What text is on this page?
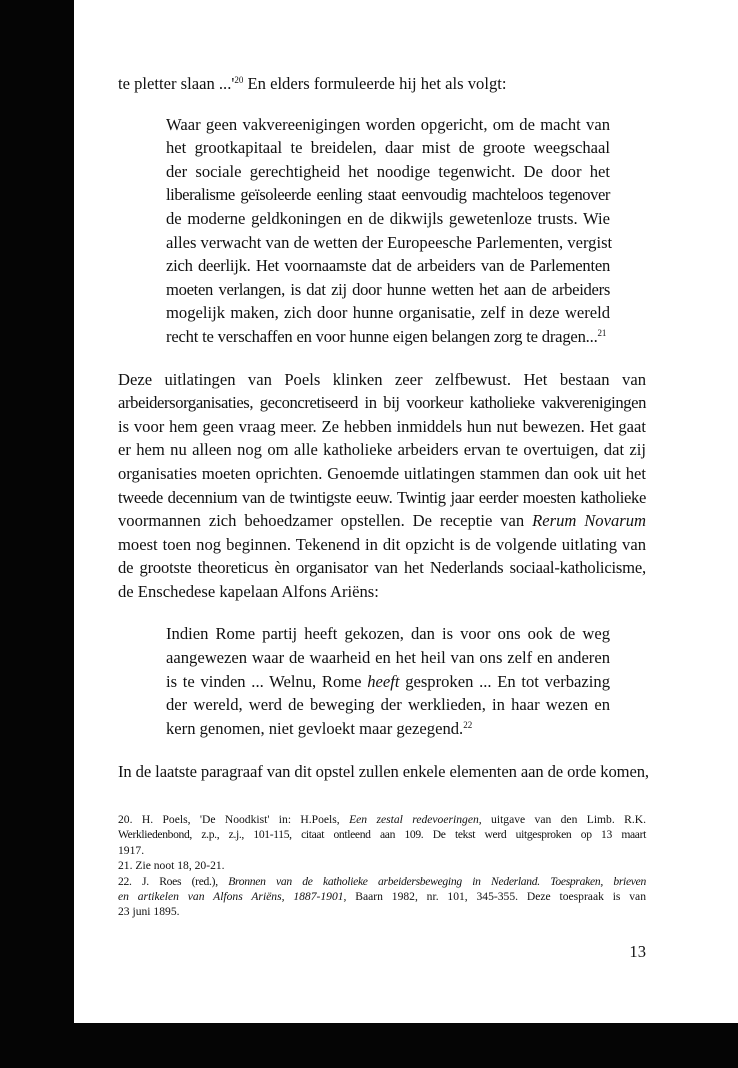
te pletter slaan $...'^{20}$ En elders formuleerde hij het als volgt:

Waar geen vakvereenigingen worden opgericht, om de macht van
het grootkapitaal te breidelen, daar mist de groote weegschaal
der sociale gerechtigheid het noodige tegenwicht. De door het
liberalisme geïsoleerde eenling staat eenvoudig machteloos tegenover
de moderne geldkoningen en de dikwijls gewetenloze trusts. Wie
alles verwacht van de wetten der Europeesche Parlementen, vergist
zich deerlijk. Het voornaamste dat de arbeiders van de Parlementen
moeten verlangen, is dat zij door hunne wetten het aan de arbeiders
mogelijk maken, zich door hunne organisatie, zelf in deze wereld
recht te verschaffen en voor hunne eigen belangen zorg te dragen...$^{21}$
Deze uitlatingen van Poels klinken zeer zelfbewust. Het bestaan van
arbeidersorganisaties, geconcretiseerd in bij voorkeur katholieke vakverenigingen
is voor hem geen vraag meer. Ze hebben inmiddels hun nut bewezen. Het gaat
er hem nu alleen nog om alle katholieke arbeiders ervan te overtuigen, dat zij
organisaties moeten oprichten. Genoemde uitlatingen stammen dan ook uit het
tweede decennium van de twintigste eeuw. Twintig jaar eerder moesten katholieke
voormannen zich behoedzamer opstellen. De receptie van Rerum Novarum
moest toen nog beginnen. Tekenend in dit opzicht is de volgende uitlating van
de grootste theoreticus èn organisator van het Nederlands sociaal-katholicisme,
de Enschedese kapelaan Alfons Ariëns:
Indien Rome partij heeft gekozen, dan is voor ons ook de weg
aangewezen waar de waarheid en het heil van ons zelf en anderen
is te vinden ... Welnu, Rome heeft gesproken ... En tot verbazing
der wereld, werd de beweging der werklieden, in haar wezen en
kern genomen, niet gevloekt maar gezegend.$^{22}$

In de laatste paragraaf van dit opstel zullen enkele elementen aan de orde komen,

20. H. Poels, 'De Noodkist' in: H.Poels, Een zestal redevoeringen, uitgave van den Limb. R.K.
Werkliedenbond, z.p., z.j., 101-115, citaat ontleend aan 109. De tekst werd uitgesproken op 13 maart
1917.
21. Zie noot 18, 20-21.
22. J. Roes (red.), Bronnen van de katholieke arbeidersbeweging in Nederland. Toespraken, brieven
en artikelen van Alfons Ariëns, 1887-1901, Baarn 1982, nr. 101, 345-355. Deze toespraak is van
23 juni 1895.
13
